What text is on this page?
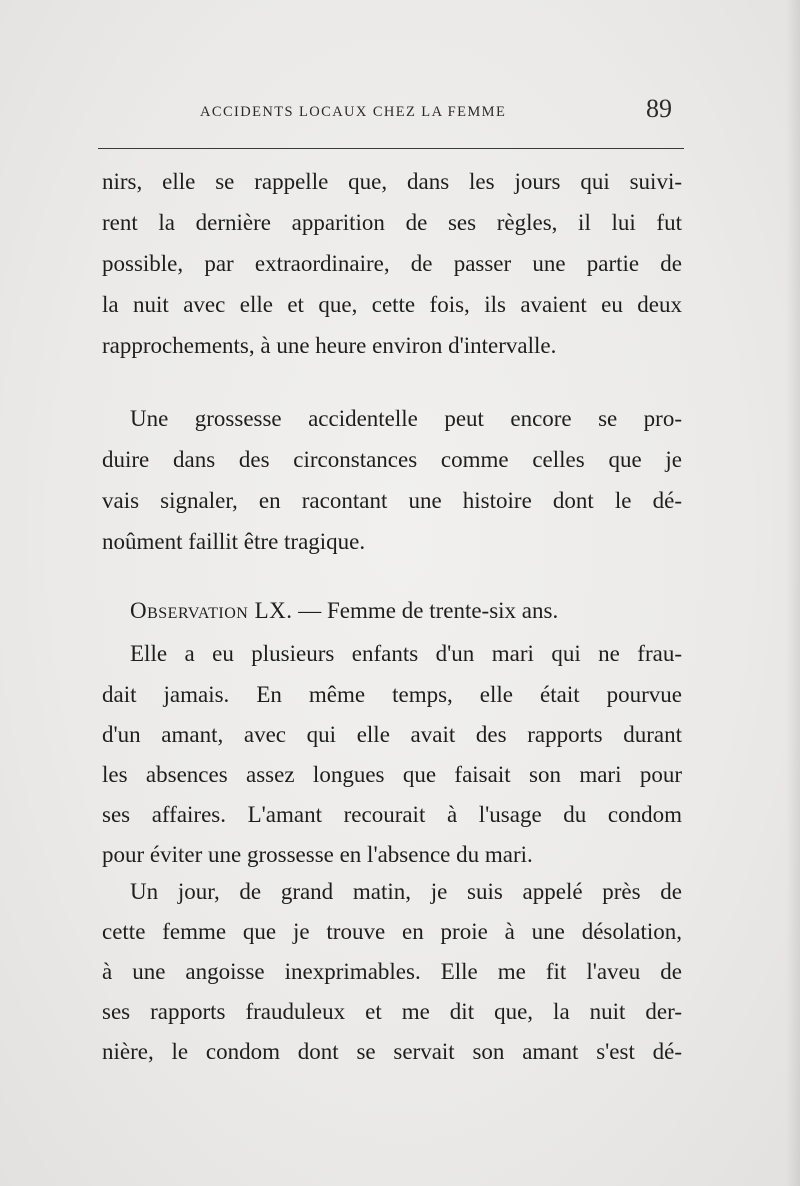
ACCIDENTS LOCAUX CHEZ LA FEMME	89
nirs, elle se rappelle que, dans les jours qui suivi-
rent la dernière apparition de ses règles, il lui fut
possible, par extraordinaire, de passer une partie de
la nuit avec elle et que, cette fois, ils avaient eu deux
rapprochements, à une heure environ d'intervalle.
Une grossesse accidentelle peut encore se pro-
duire dans des circonstances comme celles que je
vais signaler, en racontant une histoire dont le dé-
noûment faillit être tragique.
Observation LX. — Femme de trente-six ans.
Elle a eu plusieurs enfants d'un mari qui ne frau-
dait jamais. En même temps, elle était pourvue
d'un amant, avec qui elle avait des rapports durant
les absences assez longues que faisait son mari pour
ses affaires. L'amant recourait à l'usage du condom
pour éviter une grossesse en l'absence du mari.
Un jour, de grand matin, je suis appelé près de
cette femme que je trouve en proie à une désolation,
à une angoisse inexprimables. Elle me fit l'aveu de
ses rapports frauduleux et me dit que, la nuit der-
nière, le condom dont se servait son amant s'est dé-
